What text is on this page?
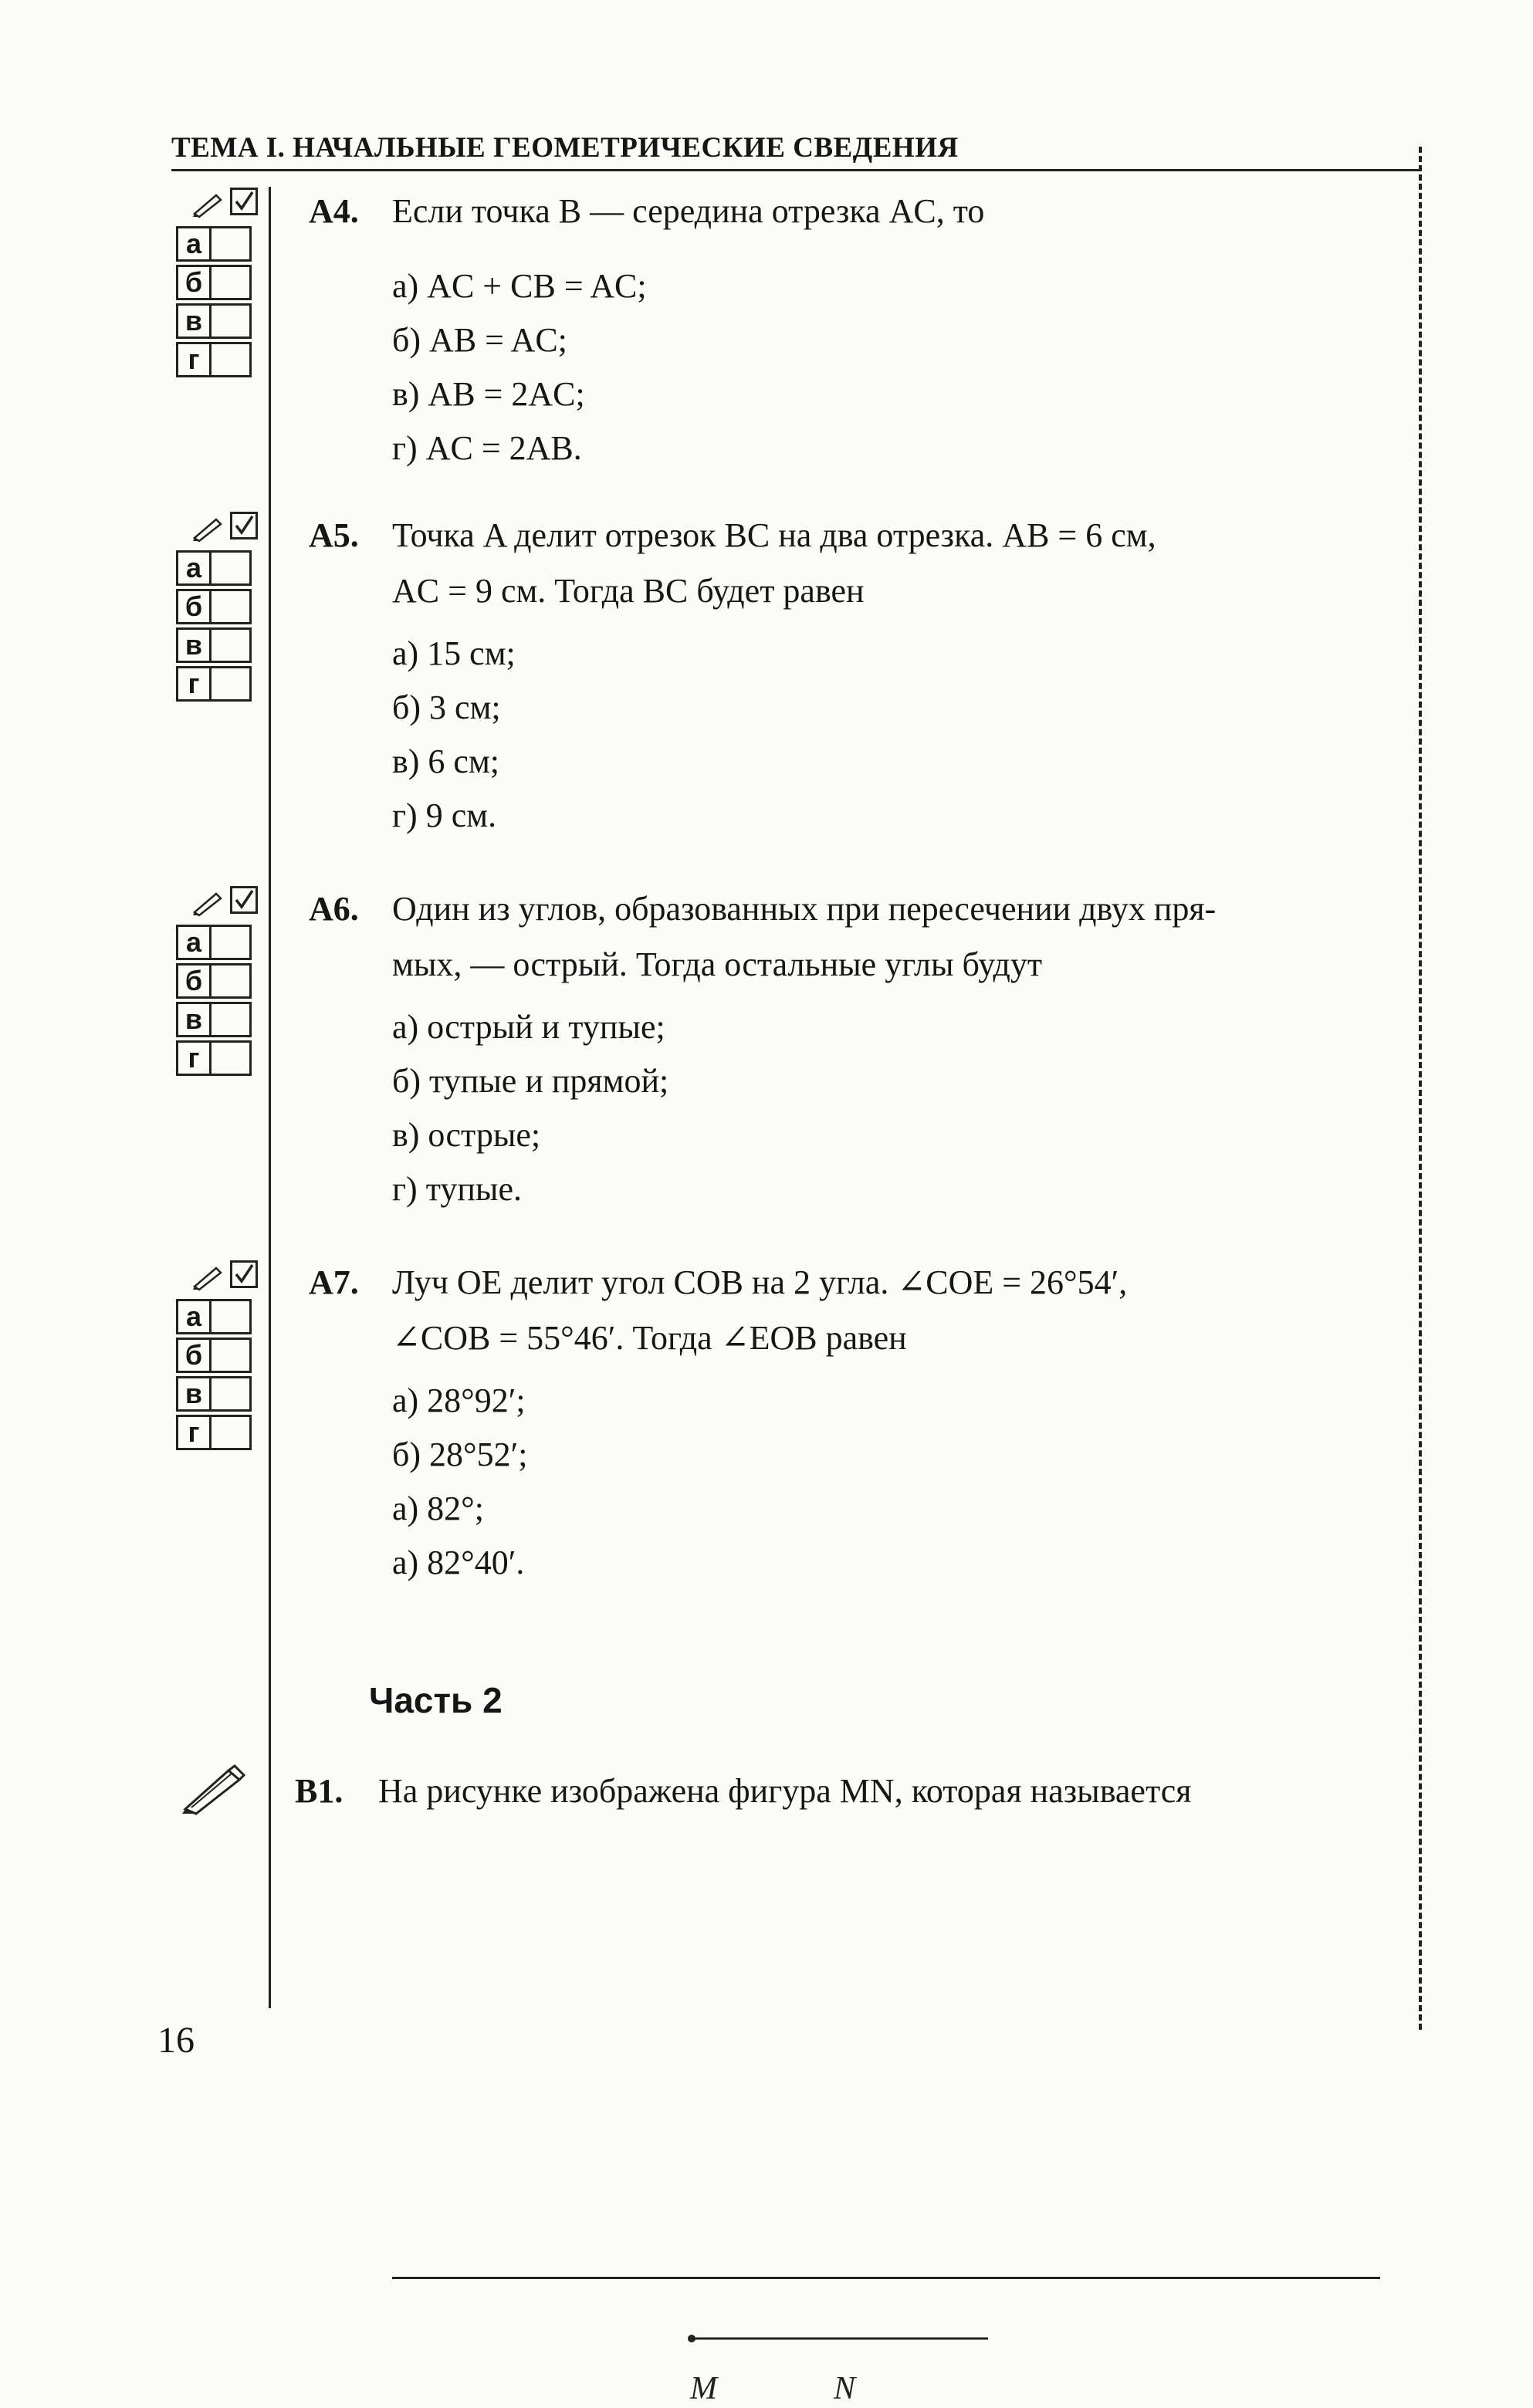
ТЕМА I. НАЧАЛЬНЫЕ ГЕОМЕТРИЧЕСКИЕ СВЕДЕНИЯ
а
б
в
г
а
б
в
г
а
б
в
г
а
б
в
г
А4. Если точка B — середина отрезка AC, то
а) AC + CB = AC;
б) AB = AC;
в) AB = 2AC;
г) AC = 2AB.
А5. Точка A делит отрезок BC на два отрезка. AB = 6 см,
AC = 9 см. Тогда BC будет равен
а) 15 см;
б) 3 см;
в) 6 см;
г) 9 см.
А6. Один из углов, образованных при пересечении двух пря-
мых, — острый. Тогда остальные углы будут
а) острый и тупые;
б) тупые и прямой;
в) острые;
г) тупые.
А7. Луч OE делит угол COB на 2 угла. ∠COE = 26°54′,
∠COB = 55°46′. Тогда ∠EOB равен
а) 28°92′;
б) 28°52′;
а) 82°;
а) 82°40′.
Часть 2
В1.	На рисунке изображена фигура MN, которая называется
M	N
16
